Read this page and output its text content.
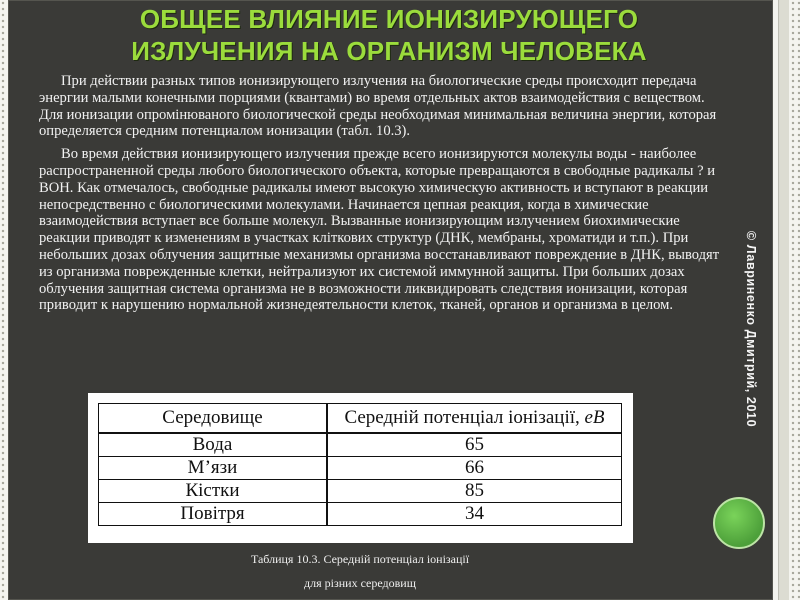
ОБЩЕЕ ВЛИЯНИЕ ИОНИЗИРУЮЩЕГО
ИЗЛУЧЕНИЯ НА ОРГАНИЗМ ЧЕЛОВЕКА

При действии разных типов ионизирующего излучения на биологические среды происходит передача энергии малыми конечными порциями (квантами) во время отдельных актов взаимодействия с веществом. Для ионизации опромінюваного биологической среды необходимая минимальная величина энергии, которая определяется средним потенциалом ионизации (табл. 10.3).

Во время действия ионизирующего излучения прежде всего ионизируются молекулы воды ‑ наиболее распространенной среды любого биологического объекта, которые превращаются в свободные радикалы ? и ВОН. Как отмечалось, свободные радикалы имеют высокую химическую активность и вступают в реакции непосредственно с биологическими молекулами. Начинается цепная реакция, когда в химические взаимодействия вступает все больше молекул. Вызванные ионизирующим излучением биохимические реакции приводят к изменениям в участках кліткових структур (ДНК, мембраны, хроматиди и т.п.). При небольших дозах облучения защитные механизмы организма восстанавливают повреждение в ДНК, выводят из организма поврежденные клетки, нейтрализуют их системой иммунной защиты. При больших дозах облучения защитная система организма не в возможности ликвидировать следствия ионизации, которая приводит к нарушению нормальной жизнедеятельности клеток, тканей, органов и организма в целом.

Середовище	Середній потенціал іонізації, eB
Вода	65
М’язи	66
Кістки	85
Повітря	34
Таблиця 10.3. Середній потенціал іонізації
для різних середовищ
© Лавриненко Дмитрий, 2010
